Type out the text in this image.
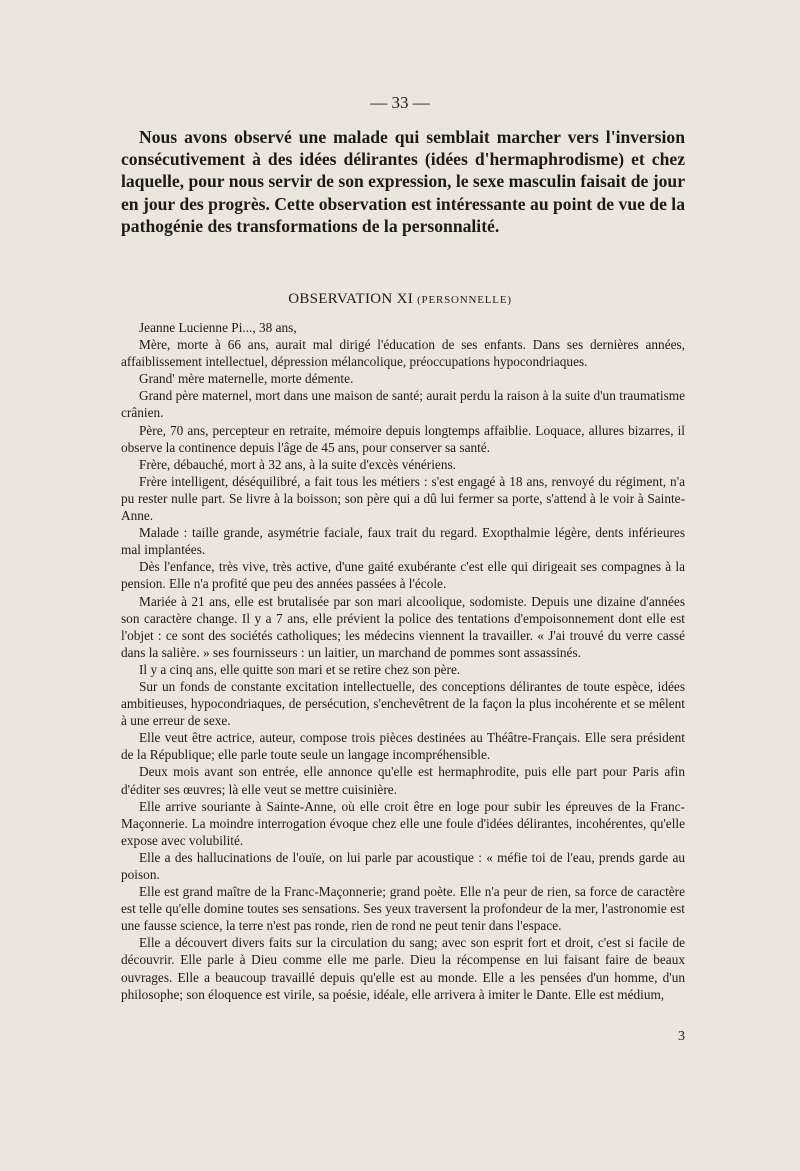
— 33 —

Nous avons observé une malade qui semblait marcher vers l'inversion consécutivement à des idées délirantes (idées d'hermaphrodisme) et chez laquelle, pour nous servir de son expression, le sexe masculin faisait de jour en jour des progrès. Cette observation est intéressante au point de vue de la pathogénie des transformations de la personnalité.

OBSERVATION XI (PERSONNELLE)

Jeanne Lucienne Pi..., 38 ans,

Mère, morte à 66 ans, aurait mal dirigé l'éducation de ses enfants. Dans ses dernières années, affaiblissement intellectuel, dépression mélancolique, préoccupations hypocondriaques.

Grand' mère maternelle, morte démente.

Grand père maternel, mort dans une maison de santé; aurait perdu la raison à la suite d'un traumatisme crânien.

Père, 70 ans, percepteur en retraite, mémoire depuis longtemps affaiblie. Loquace, allures bizarres, il observe la continence depuis l'âge de 45 ans, pour conserver sa santé.

Frère, débauché, mort à 32 ans, à la suite d'excès vénériens.

Frère intelligent, déséquilibré, a fait tous les métiers : s'est engagé à 18 ans, renvoyé du régiment, n'a pu rester nulle part. Se livre à la boisson; son père qui a dû lui fermer sa porte, s'attend à le voir à Sainte-Anne.

Malade : taille grande, asymétrie faciale, faux trait du regard. Exopthalmie légère, dents inférieures mal implantées.

Dès l'enfance, très vive, très active, d'une gaité exubérante c'est elle qui dirigeait ses compagnes à la pension. Elle n'a profité que peu des années passées à l'école.

Mariée à 21 ans, elle est brutalisée par son mari alcoolique, sodomiste. Depuis une dizaine d'années son caractère change. Il y a 7 ans, elle prévient la police des tentations d'empoisonnement dont elle est l'objet : ce sont des sociétés catholiques; les médecins viennent la travailler. « J'ai trouvé du verre cassé dans la salière. » ses fournisseurs : un laitier, un marchand de pommes sont assassinés.

Il y a cinq ans, elle quitte son mari et se retire chez son père.

Sur un fonds de constante excitation intellectuelle, des conceptions délirantes de toute espèce, idées ambitieuses, hypocondriaques, de persécution, s'enchevêtrent de la façon la plus incohérente et se mêlent à une erreur de sexe.

Elle veut être actrice, auteur, compose trois pièces destinées au Théâtre-Français. Elle sera président de la République; elle parle toute seule un langage incompréhensible.

Deux mois avant son entrée, elle annonce qu'elle est hermaphrodite, puis elle part pour Paris afin d'éditer ses œuvres; là elle veut se mettre cuisinière.

Elle arrive souriante à Sainte-Anne, où elle croit être en loge pour subir les épreuves de la Franc-Maçonnerie. La moindre interrogation évoque chez elle une foule d'idées délirantes, incohérentes, qu'elle expose avec volubilité.

Elle a des hallucinations de l'ouïe, on lui parle par acoustique : « méfie toi de l'eau, prends garde au poison.

Elle est grand maître de la Franc-Maçonnerie; grand poète. Elle n'a peur de rien, sa force de caractère est telle qu'elle domine toutes ses sensations. Ses yeux traversent la profondeur de la mer, l'astronomie est une fausse science, la terre n'est pas ronde, rien de rond ne peut tenir dans l'espace.

Elle a découvert divers faits sur la circulation du sang; avec son esprit fort et droit, c'est si facile de découvrir. Elle parle à Dieu comme elle me parle. Dieu la récompense en lui faisant faire de beaux ouvrages. Elle a beaucoup travaillé depuis qu'elle est au monde. Elle a les pensées d'un homme, d'un philosophe; son éloquence est virile, sa poésie, idéale, elle arrivera à imiter le Dante. Elle est médium,

3
